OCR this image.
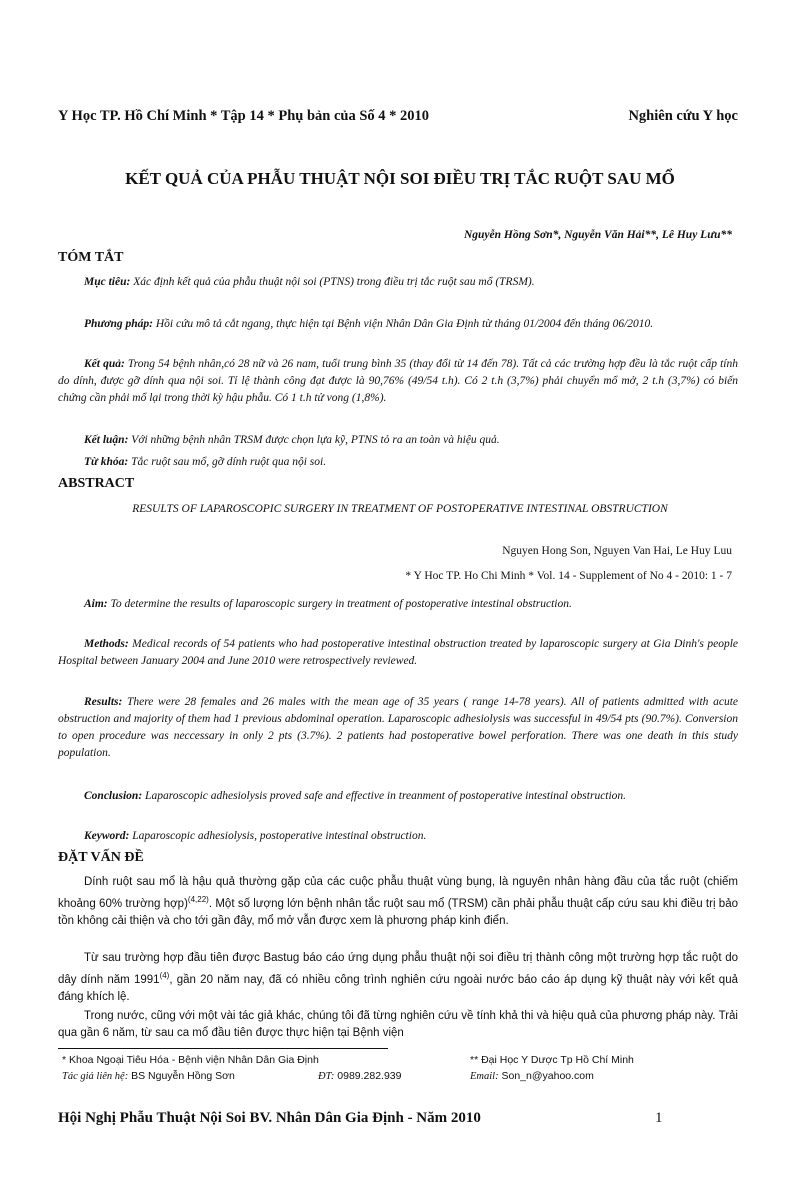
Y Học TP. Hồ Chí Minh * Tập 14 * Phụ bản của Số 4 * 2010	Nghiên cứu Y học
KẾT QUẢ CỦA PHẪU THUẬT NỘI SOI ĐIỀU TRỊ TẮC RUỘT SAU MỔ
Nguyễn Hồng Sơn*, Nguyễn Văn Hải**, Lê Huy Lưu**
TÓM TẮT
Mục tiêu: Xác định kết quả của phẫu thuật nội soi (PTNS) trong điều trị tắc ruột sau mổ (TRSM).
Phương pháp: Hồi cứu mô tả cắt ngang, thực hiện tại Bệnh viện Nhân Dân Gia Định từ tháng 01/2004 đến tháng 06/2010.
Kết quả: Trong 54 bệnh nhân,có 28 nữ và 26 nam, tuổi trung bình 35 (thay đổi từ 14 đến 78). Tất cả các trường hợp đều là tắc ruột cấp tính do dính, được gỡ dính qua nội soi. Tỉ lệ thành công đạt được là 90,76% (49/54 t.h). Có 2 t.h (3,7%) phải chuyển mổ mở, 2 t.h (3,7%) có biến chứng cần phải mổ lại trong thời kỳ hậu phẫu. Có 1 t.h tử vong (1,8%).
Kết luận: Với những bệnh nhân TRSM được chọn lựa kỹ, PTNS tỏ ra an toàn và hiệu quả.
Từ khóa: Tắc ruột sau mổ, gỡ dính ruột qua nội soi.
ABSTRACT
RESULTS OF LAPAROSCOPIC SURGERY IN TREATMENT OF POSTOPERATIVE INTESTINAL OBSTRUCTION
Nguyen Hong Son, Nguyen Van Hai, Le Huy Luu
* Y Hoc TP. Ho Chi Minh * Vol. 14 - Supplement of No 4 - 2010: 1 - 7
Aim: To determine the results of laparoscopic surgery in treatment of postoperative intestinal obstruction.
Methods: Medical records of 54 patients who had postoperative intestinal obstruction treated by laparoscopic surgery at Gia Dinh's people Hospital between January 2004 and June 2010 were retrospectively reviewed.
Results: There were 28 females and 26 males with the mean age of 35 years ( range 14-78 years). All of patients admitted with acute obstruction and majority of them had 1 previous abdominal operation. Laparoscopic adhesiolysis was successful in 49/54 pts (90.7%). Conversion to open procedure was neccessary in only 2 pts (3.7%). 2 patients had postoperative bowel perforation. There was one death in this study population.
Conclusion: Laparoscopic adhesiolysis proved safe and effective in treanment of postoperative intestinal obstruction.
Keyword: Laparoscopic adhesiolysis, postoperative intestinal obstruction.
ĐẶT VẤN ĐỀ
Dính ruột sau mổ là hậu quả thường gặp của các cuộc phẫu thuật vùng bụng, là nguyên nhân hàng đầu của tắc ruột (chiếm khoảng 60% trường hợp)$^{(4,22)}$. Một số lượng lớn bệnh nhân tắc ruột sau mổ (TRSM) cần phải phẫu thuật cấp cứu sau khi điều trị bảo tồn không cải thiện và cho tới gần đây, mổ mở vẫn được xem là phương pháp kinh điển.
Từ sau trường hợp đầu tiên được Bastug báo cáo ứng dụng phẫu thuật nội soi điều trị thành công một trường hợp tắc ruột do dây dính năm 1991$^{(4)}$, gần 20 năm nay, đã có nhiều công trình nghiên cứu ngoài nước báo cáo áp dụng kỹ thuật này với kết quả đáng khích lệ.
Trong nước, cũng với một vài tác giả khác, chúng tôi đã từng nghiên cứu về tính khả thi và hiệu quả của phương pháp này. Trải qua gần 6 năm, từ sau ca mổ đầu tiên được thực hiện tại Bệnh viện
* Khoa Ngoại Tiêu Hóa - Bệnh viện Nhân Dân Gia Định	** Đại Học Y Dược Tp Hồ Chí Minh
Tác giả liên hệ: BS Nguyễn Hồng Sơn	ĐT: 0989.282.939	Email: Son_n@yahoo.com
Hội Nghị Phẫu Thuật Nội Soi BV. Nhân Dân Gia Định - Năm 2010	1
